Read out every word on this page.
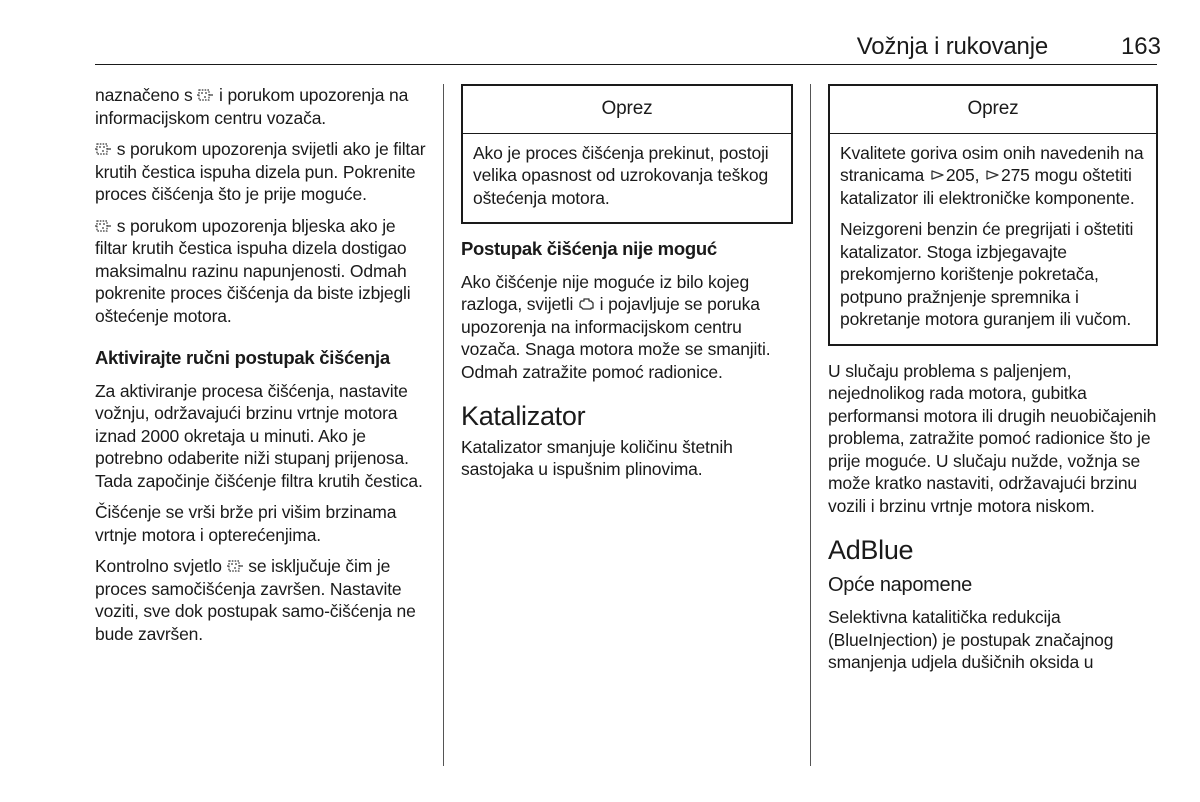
Vožnja i rukovanje	163

naznačeno s
i porukom upozorenja na informacijskom centru vozača.

s porukom upozorenja svijetli ako je filtar krutih čestica ispuha dizela pun. Pokrenite proces čišćenja što je prije moguće.

s porukom upozorenja bljeska ako je filtar krutih čestica ispuha dizela dostigao maksimalnu razinu napunjenosti. Odmah pokrenite proces čišćenja da biste izbjegli oštećenje motora.

Aktivirajte ručni postupak čišćenja

Za aktiviranje procesa čišćenja, nastavite vožnju, održavajući brzinu vrtnje motora iznad 2000 okretaja u minuti. Ako je potrebno odaberite niži stupanj prijenosa. Tada započinje čišćenje filtra krutih čestica.

Čišćenje se vrši brže pri višim brzinama vrtnje motora i opterećenjima.

Kontrolno svjetlo
se isključuje čim je proces samočišćenja završen. Nastavite voziti, sve dok postupak samo-čišćenja ne bude završen.

Oprez

Ako je proces čišćenja prekinut, postoji velika opasnost od uzrokovanja teškog oštećenja motora.

Postupak čišćenja nije moguć

Ako čišćenje nije moguće iz bilo kojeg razloga, svijetli
i pojavljuje se poruka upozorenja na informacijskom centru vozača. Snaga motora može se smanjiti. Odmah zatražite pomoć radionice.

Katalizator

Katalizator smanjuje količinu štetnih sastojaka u ispušnim plinovima.

Oprez

Kvalitete goriva osim onih navedenih na stranicama
205,
275 mogu oštetiti katalizator ili elektroničke komponente.

Neizgoreni benzin će pregrijati i oštetiti katalizator. Stoga izbjegavajte prekomjerno korištenje pokretača, potpuno pražnjenje spremnika i pokretanje motora guranjem ili vučom.

U slučaju problema s paljenjem, nejednolikog rada motora, gubitka performansi motora ili drugih neuobičajenih problema, zatražite pomoć radionice što je prije moguće. U slučaju nužde, vožnja se može kratko nastaviti, održavajući brzinu vozili i brzinu vrtnje motora niskom.

AdBlue
Opće napomene

Selektivna katalitička redukcija (BlueInjection) je postupak značajnog smanjenja udjela dušičnih oksida u
